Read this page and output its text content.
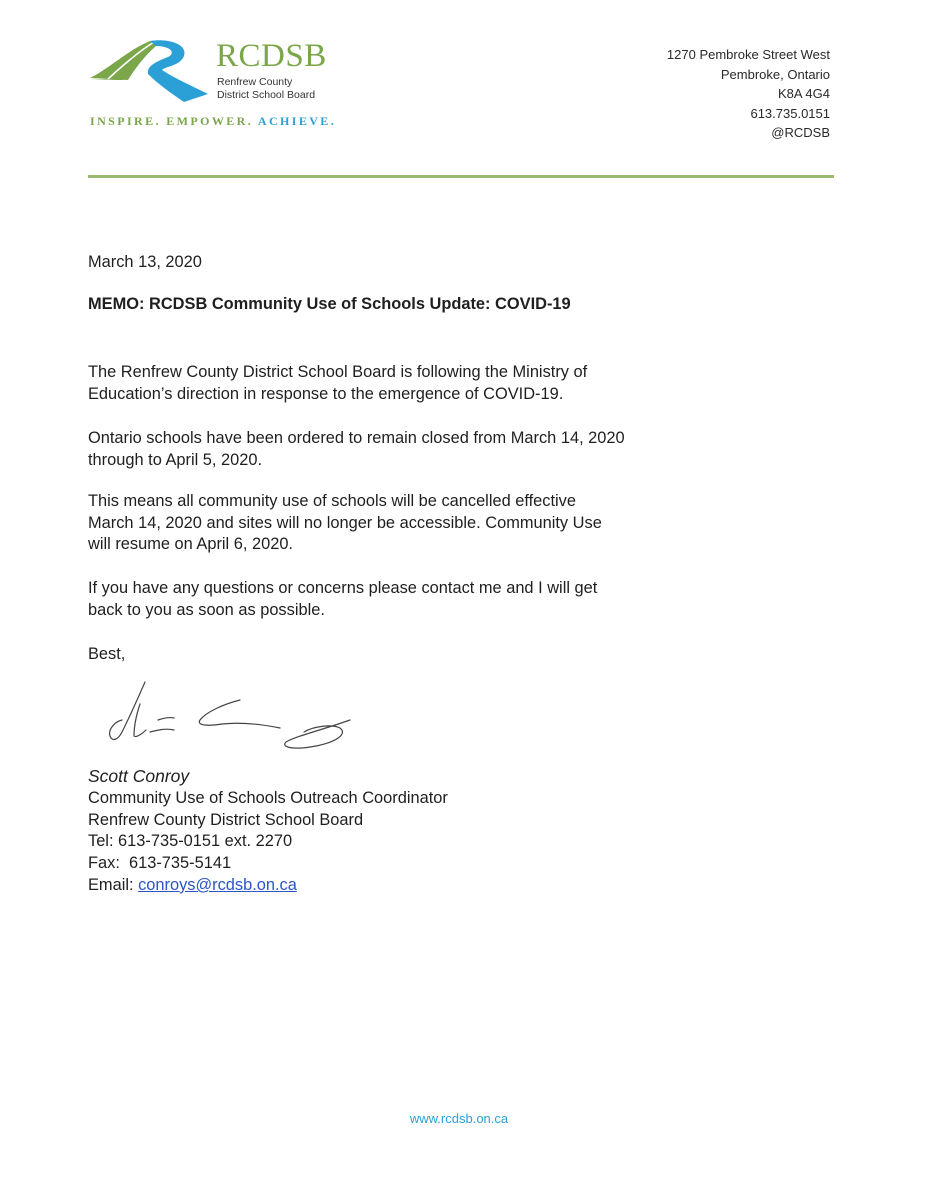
RCDSB
Renfrew County
District School Board
INSPIRE. EMPOWER. ACHIEVE.
1270 Pembroke Street West
Pembroke, Ontario
K8A 4G4
613.735.0151
@RCDSB
March 13, 2020
MEMO: RCDSB Community Use of Schools Update: COVID-19

The Renfrew County District School Board is following the Ministry of

Education’s direction in response to the emergence of COVID-19.

Ontario schools have been ordered to remain closed from March 14, 2020

through to April 5, 2020.

This means all community use of schools will be cancelled effective

March 14, 2020 and sites will no longer be accessible. Community Use

will resume on April 6, 2020.

If you have any questions or concerns please contact me and I will get

back to you as soon as possible.

Best,
Scott Conroy
Community Use of Schools Outreach Coordinator
Renfrew County District School Board
Tel: 613-735-0151 ext. 2270
Fax:  613-735-5141
Email: conroys@rcdsb.on.ca
www.rcdsb.on.ca
